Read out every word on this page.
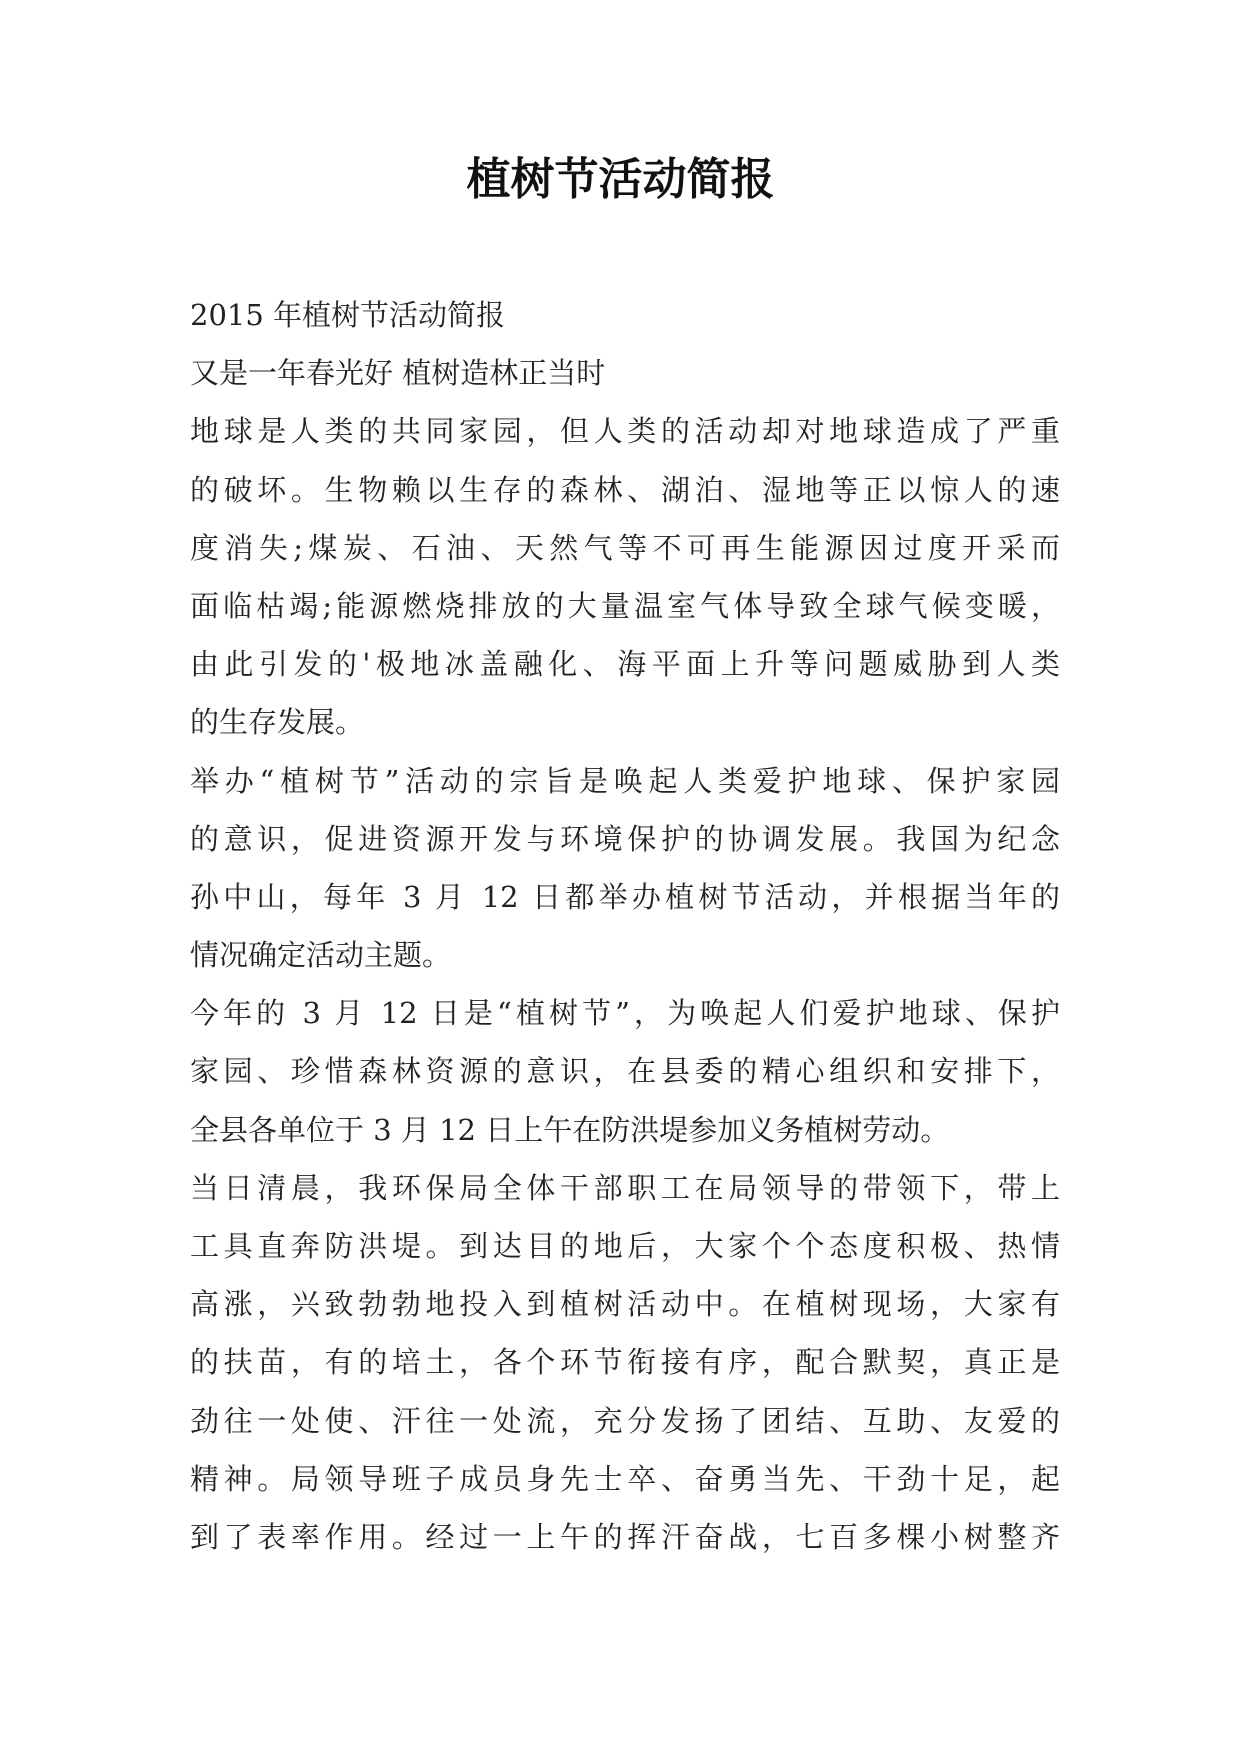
植树节活动简报
2015 年植树节活动简报
又是一年春光好 植树造林正当时
地球是人类的共同家园，但人类的活动却对地球造成了严重
的破坏。生物赖以生存的森林、湖泊、湿地等正以惊人的速
度消失;煤炭、石油、天然气等不可再生能源因过度开采而
面临枯竭;能源燃烧排放的大量温室气体导致全球气候变暖，
由此引发的'极地冰盖融化、海平面上升等问题威胁到人类
的生存发展。
举办“植树节”活动的宗旨是唤起人类爱护地球、保护家园
的意识，促进资源开发与环境保护的协调发展。我国为纪念
孙中山，每年 3 月 12 日都举办植树节活动，并根据当年的
情况确定活动主题。
今年的 3 月 12 日是“植树节”，为唤起人们爱护地球、保护
家园、珍惜森林资源的意识，在县委的精心组织和安排下，
全县各单位于 3 月 12 日上午在防洪堤参加义务植树劳动。
当日清晨，我环保局全体干部职工在局领导的带领下，带上
工具直奔防洪堤。到达目的地后，大家个个态度积极、热情
高涨，兴致勃勃地投入到植树活动中。在植树现场，大家有
的扶苗，有的培土，各个环节衔接有序，配合默契，真正是
劲往一处使、汗往一处流，充分发扬了团结、互助、友爱的
精神。局领导班子成员身先士卒、奋勇当先、干劲十足，起
到了表率作用。经过一上午的挥汗奋战，七百多棵小树整齐
